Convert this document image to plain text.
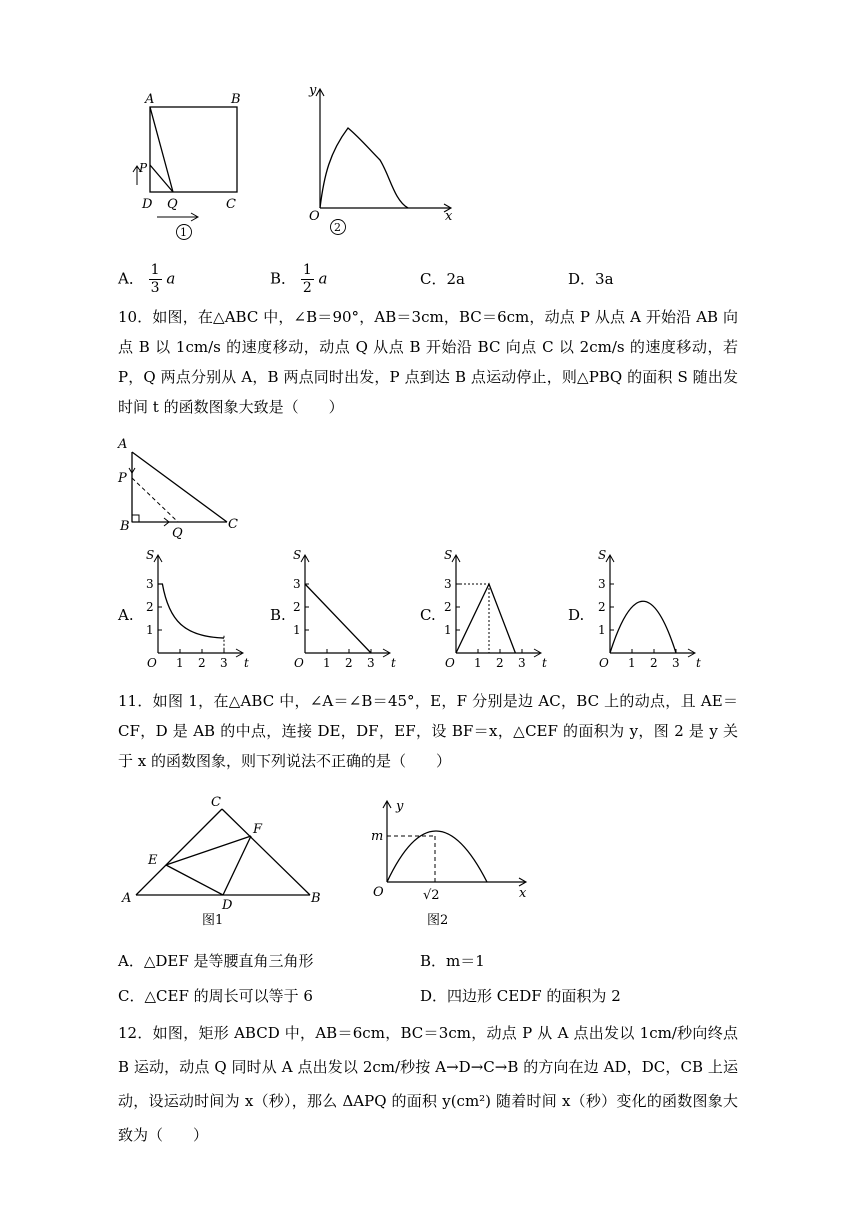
A	B
C
D
P
Q
1
y
x
O
2
A． $\frac{1}{3}$ a	B． $\frac{1}{2}$ a	C．2a	D．3a
10．如图，在△ABC 中，∠B＝90°，AB＝3cm，BC＝6cm，动点 P 从点 A 开始沿 AB 向点 B 以 1cm/s 的速度移动，动点 Q 从点 B 开始沿 BC 向点 C 以 2cm/s 的速度移动，若 P，Q 两点分别从 A，B 两点同时出发，P 点到达 B 点运动停止，则△PBQ 的面积 S 随出发时间 t 的函数图象大致是（　　）
A
P
B	Q
C
A.	B.	C.	D.
S
t
O
1
2
3
1 2 3
S
t
O
1
2
3
1 2 3
S
t
O
1
2
3
1 2 3
S
t
O
1
2
3
1 2 3
11．如图 1，在△ABC 中，∠A＝∠B＝45°，E，F 分别是边 AC，BC 上的动点，且 AE＝CF，D 是 AB 的中点，连接 DE，DF，EF，设 BF＝x，△CEF 的面积为 y，图 2 是 y 关于 x 的函数图象，则下列说法不正确的是（　　）
A	B
C
D
E
F
图1
y
m
O	√2	x
图2
A．△DEF 是等腰直角三角形	B．m＝1
C．△CEF 的周长可以等于 6	D．四边形 CEDF 的面积为 2
12．如图，矩形 ABCD 中，AB＝6cm，BC＝3cm，动点 P 从 A 点出发以 1cm/秒向终点 B 运动，动点 Q 同时从 A 点出发以 2cm/秒按 A→D→C→B 的方向在边 AD，DC，CB 上运动，设运动时间为 x（秒），那么 ΔAPQ 的面积 y(cm²) 随着时间 x（秒）变化的函数图象大致为（　　）
